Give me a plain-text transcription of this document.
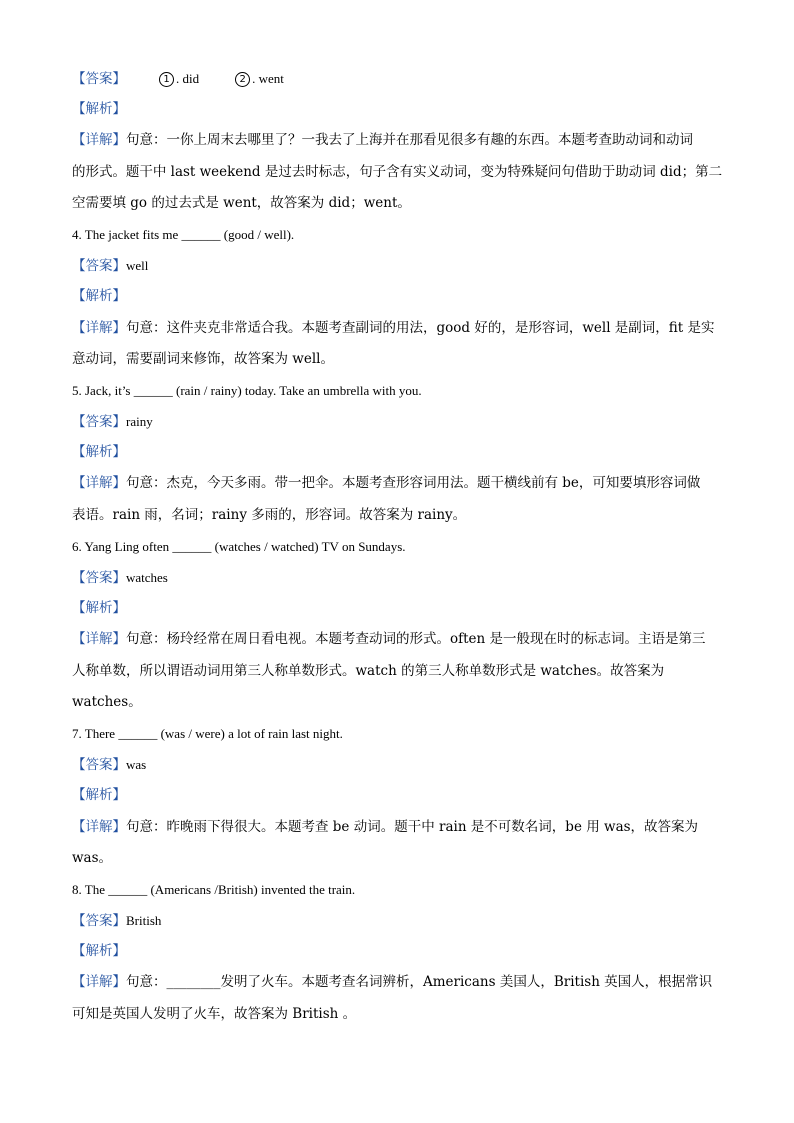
【答案】	1 . did	2 . went
【解析】
【详解】句意：一你上周末去哪里了？一我去了上海并在那看见很多有趣的东西。本题考查助动词和动词
的形式。题干中 last weekend 是过去时标志，句子含有实义动词，变为特殊疑问句借助于助动词 did；第二
空需要填 go 的过去式是 went，故答案为 did；went。
4. The jacket fits me ______ (good / well).
【答案】well
【解析】
【详解】句意：这件夹克非常适合我。本题考查副词的用法，good 好的，是形容词，well 是副词，fit 是实
意动词，需要副词来修饰，故答案为 well。
5. Jack, it’s ______ (rain / rainy) today. Take an umbrella with you.
【答案】rainy
【解析】
【详解】句意：杰克，今天多雨。带一把伞。本题考查形容词用法。题干横线前有 be，可知要填形容词做
表语。rain 雨，名词；rainy 多雨的，形容词。故答案为 rainy。
6. Yang Ling often ______ (watches / watched) TV on Sundays.
【答案】watches
【解析】
【详解】句意：杨玲经常在周日看电视。本题考查动词的形式。often 是一般现在时的标志词。主语是第三
人称单数，所以谓语动词用第三人称单数形式。watch 的第三人称单数形式是 watches。故答案为
watches。
7. There ______ (was / were) a lot of rain last night.
【答案】was
【解析】
【详解】句意：昨晚雨下得很大。本题考查 be 动词。题干中 rain 是不可数名词，be 用 was，故答案为
was。
8. The ______ (Americans /British) invented the train.
【答案】British
【解析】
【详解】句意：________发明了火车。本题考查名词辨析，Americans 美国人，British 英国人，根据常识
可知是英国人发明了火车，故答案为 British 。
